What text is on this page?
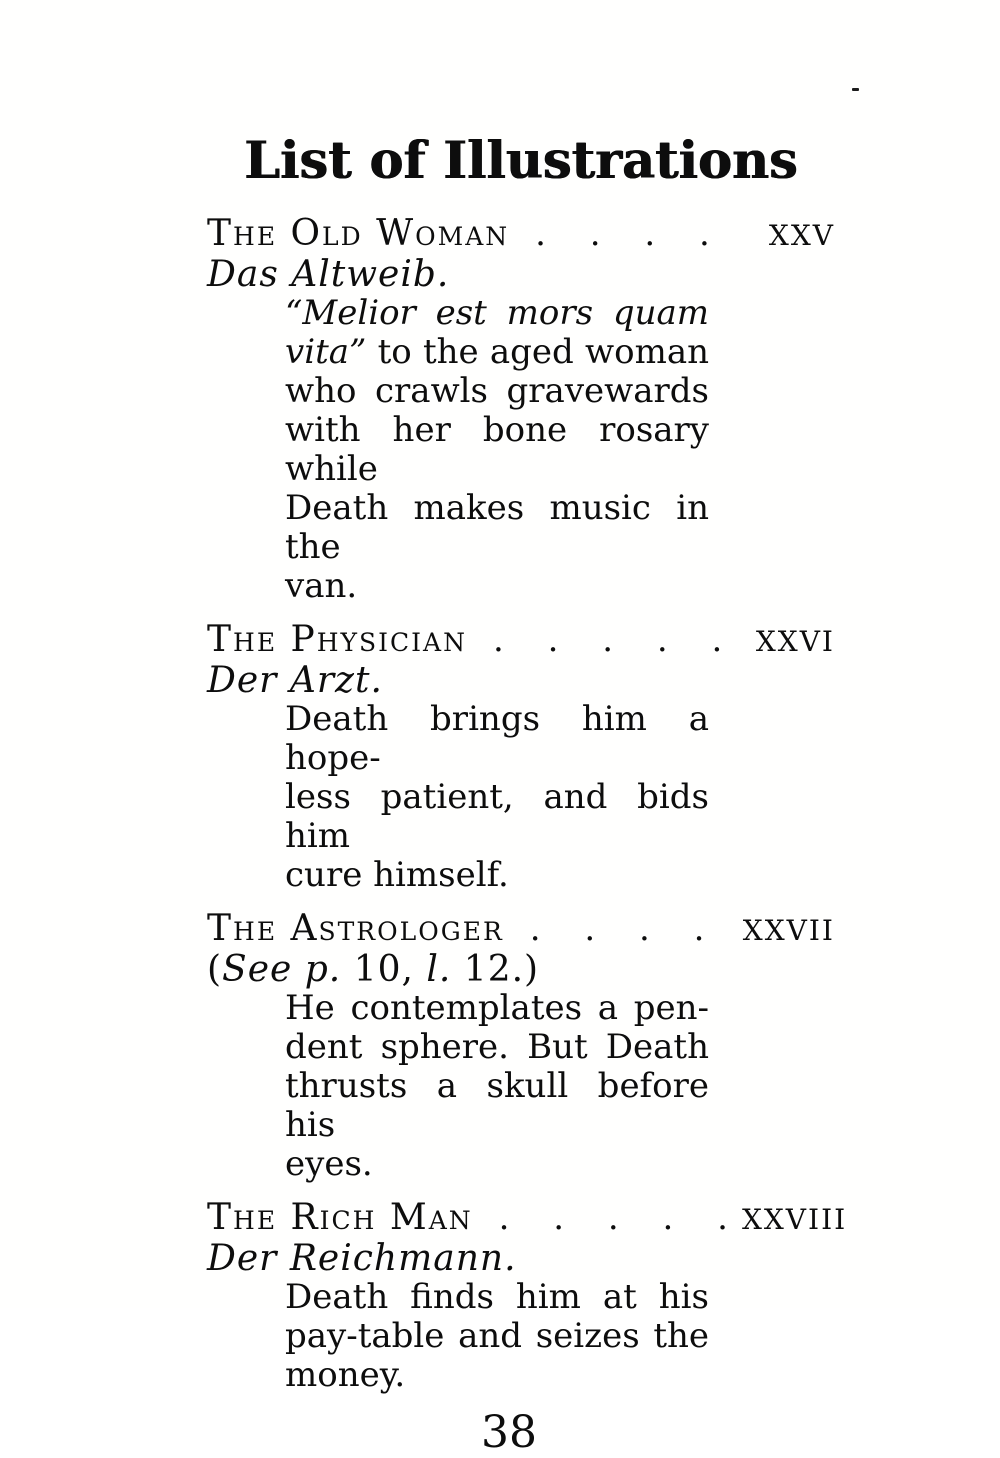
List of Illustrations
The Old Woman . . . .	XXV
Das Altweib.
“Melior est mors quam
vita” to the aged woman
who crawls gravewards
with her bone rosary while
Death makes music in the
van.
The Physician . . . . .	XXVI
Der Arzt.
Death brings him a hope-
less patient, and bids him
cure himself.
The Astrologer . . . .	XXVII
(See p. 10, l. 12.)
He contemplates a pen-
dent sphere. But Death
thrusts a skull before his
eyes.
The Rich Man . . . . . XXVIII
Der Reichmann.
Death finds him at his
pay-table and seizes the
money.
38
